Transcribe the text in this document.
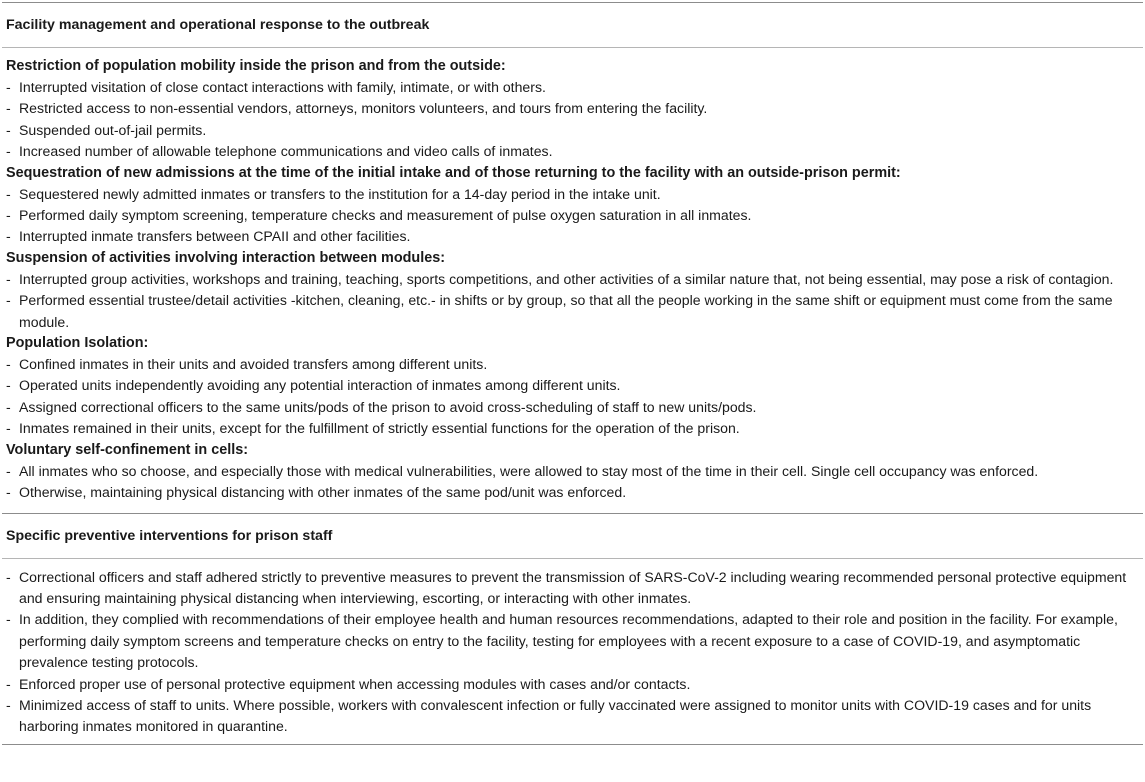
Facility management and operational response to the outbreak
Restriction of population mobility inside the prison and from the outside:
- Interrupted visitation of close contact interactions with family, intimate, or with others.
- Restricted access to non-essential vendors, attorneys, monitors volunteers, and tours from entering the facility.
- Suspended out-of-jail permits.
- Increased number of allowable telephone communications and video calls of inmates.
Sequestration of new admissions at the time of the initial intake and of those returning to the facility with an outside-prison permit:
- Sequestered newly admitted inmates or transfers to the institution for a 14-day period in the intake unit.
- Performed daily symptom screening, temperature checks and measurement of pulse oxygen saturation in all inmates.
- Interrupted inmate transfers between CPAII and other facilities.
Suspension of activities involving interaction between modules:
- Interrupted group activities, workshops and training, teaching, sports competitions, and other activities of a similar nature that, not being essential, may pose a risk of contagion.
- Performed essential trustee/detail activities -kitchen, cleaning, etc.- in shifts or by group, so that all the people working in the same shift or equipment must come from the same module.
Population Isolation:
- Confined inmates in their units and avoided transfers among different units.
- Operated units independently avoiding any potential interaction of inmates among different units.
- Assigned correctional officers to the same units/pods of the prison to avoid cross-scheduling of staff to new units/pods.
- Inmates remained in their units, except for the fulfillment of strictly essential functions for the operation of the prison.
Voluntary self-confinement in cells:
- All inmates who so choose, and especially those with medical vulnerabilities, were allowed to stay most of the time in their cell. Single cell occupancy was enforced.
- Otherwise, maintaining physical distancing with other inmates of the same pod/unit was enforced.
Specific preventive interventions for prison staff
- Correctional officers and staff adhered strictly to preventive measures to prevent the transmission of SARS-CoV-2 including wearing recommended personal protective equipment and ensuring maintaining physical distancing when interviewing, escorting, or interacting with other inmates.
- In addition, they complied with recommendations of their employee health and human resources recommendations, adapted to their role and position in the facility. For example, performing daily symptom screens and temperature checks on entry to the facility, testing for employees with a recent exposure to a case of COVID-19, and asymptomatic prevalence testing protocols.
- Enforced proper use of personal protective equipment when accessing modules with cases and/or contacts.
- Minimized access of staff to units. Where possible, workers with convalescent infection or fully vaccinated were assigned to monitor units with COVID-19 cases and for units harboring inmates monitored in quarantine.
